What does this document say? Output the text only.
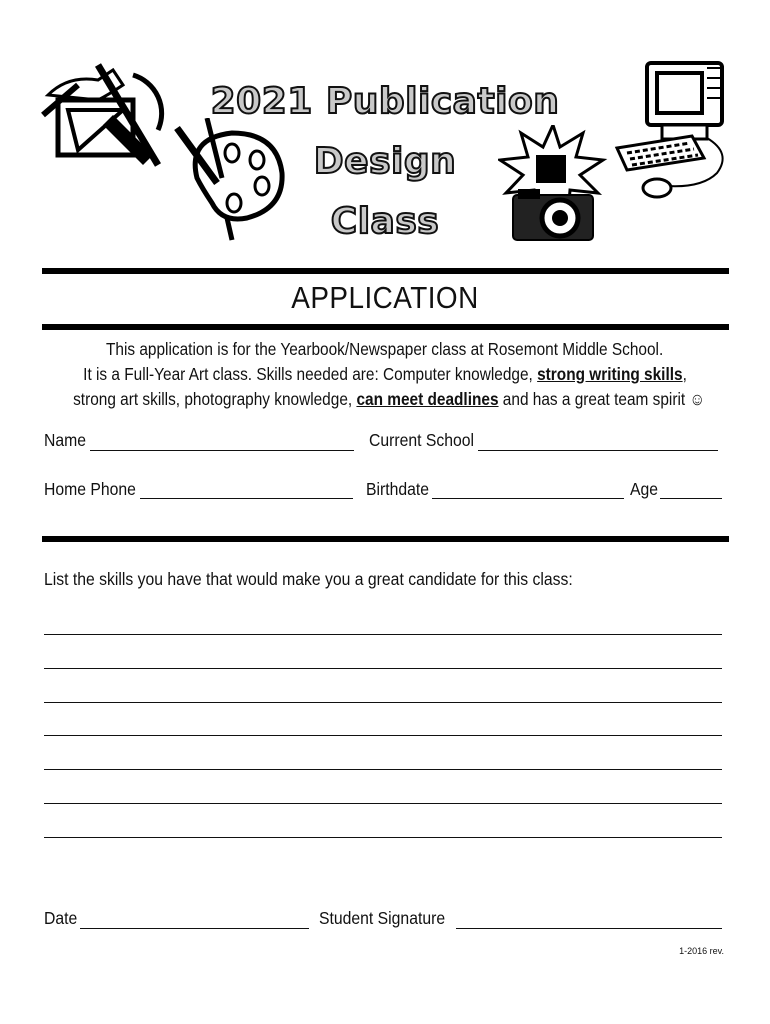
2021 Publication
Design
Class
APPLICATION
This application is for the Yearbook/Newspaper class at Rosemont Middle School.
It is a Full-Year Art class. Skills needed are: Computer knowledge, strong writing skills,
strong art skills, photography knowledge, can meet deadlines and has a great team spirit ☺
Name	Current School
Home Phone	Birthdate	Age
List the skills you have that would make you a great candidate for this class:
Date	Student Signature
1-2016 rev.
